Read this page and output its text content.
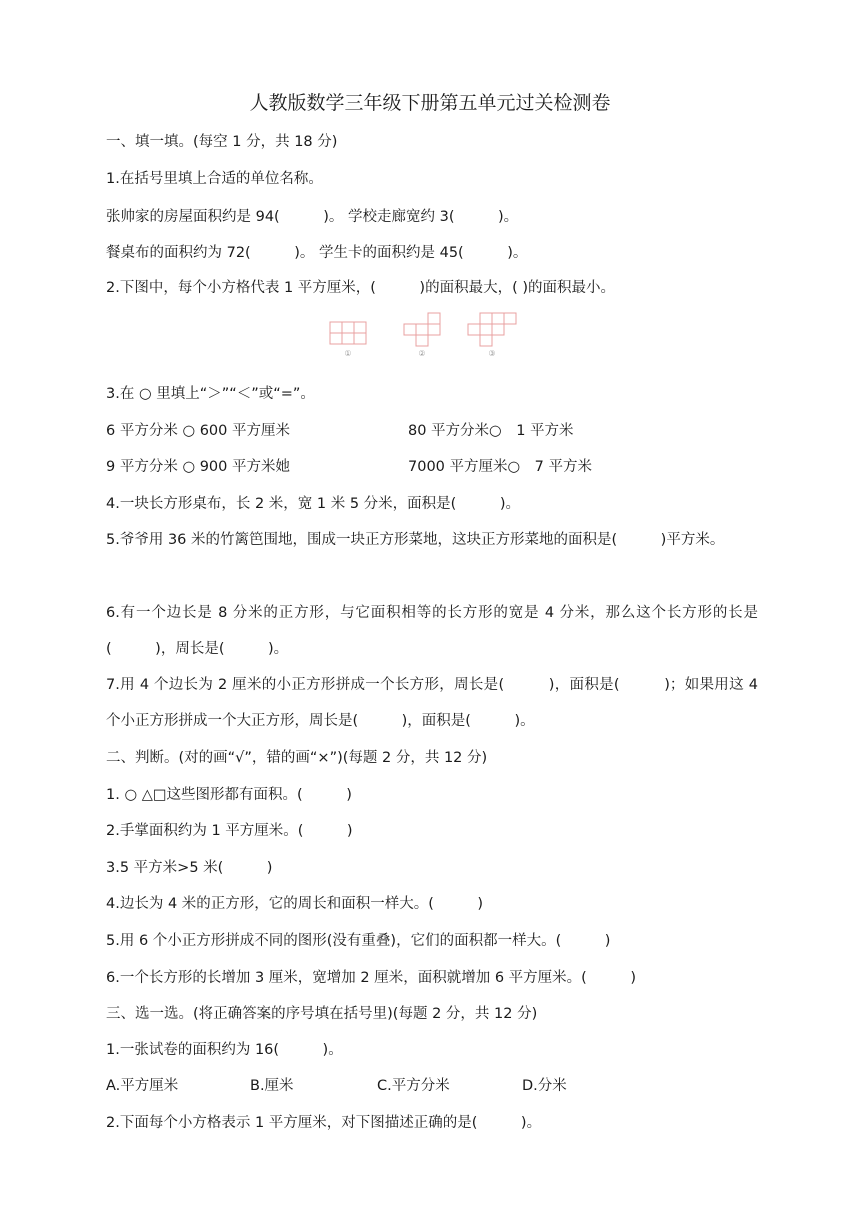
人教版数学三年级下册第五单元过关检测卷
一、填一填。(每空 1 分，共 18 分)
1.在括号里填上合适的单位名称。
张帅家的房屋面积约是 94(　　　)。 学校走廊宽约 3(　　　)。
餐桌布的面积约为 72(　　　)。 学生卡的面积约是 45(　　　)。
2.下图中，每个小方格代表 1 平方厘米，(　　　)的面积最大，( )的面积最小。
①	②	③
3.在 ○ 里填上“＞”“＜”或“=”。
6 平方分米 ○ 600 平方厘米	80 平方分米○　1 平方米
9 平方分米 ○ 900 平方米她	7000 平方厘米○　7 平方米
4.一块长方形桌布，长 2 米，宽 1 米 5 分米，面积是(　　　)。
5.爷爷用 36 米的竹篱笆围地，围成一块正方形菜地，这块正方形菜地的面积是(　　　)平方米。
6.有一个边长是 8 分米的正方形，与它面积相等的长方形的宽是 4 分米，那么这个长方形的长是(　　　)，周长是(　　　)。
7.用 4 个边长为 2 厘米的小正方形拼成一个长方形，周长是(　　　)，面积是(　　　)；如果用这 4 个小正方形拼成一个大正方形，周长是(　　　)，面积是(　　　)。
二、判断。(对的画“√”，错的画“×”)(每题 2 分，共 12 分)
1. ○ △□这些图形都有面积。(　　　)
2.手掌面积约为 1 平方厘米。(　　　)
3.5 平方米>5 米(　　　)
4.边长为 4 米的正方形，它的周长和面积一样大。(　　　)
5.用 6 个小正方形拼成不同的图形(没有重叠)，它们的面积都一样大。(　　　)
6.一个长方形的长增加 3 厘米，宽增加 2 厘米，面积就增加 6 平方厘米。(　　　)
三、选一选。(将正确答案的序号填在括号里)(每题 2 分，共 12 分)
1.一张试卷的面积约为 16(　　　)。
A.平方厘米	B.厘米	C.平方分米	D.分米
2.下面每个小方格表示 1 平方厘米，对下图描述正确的是(　　　)。
